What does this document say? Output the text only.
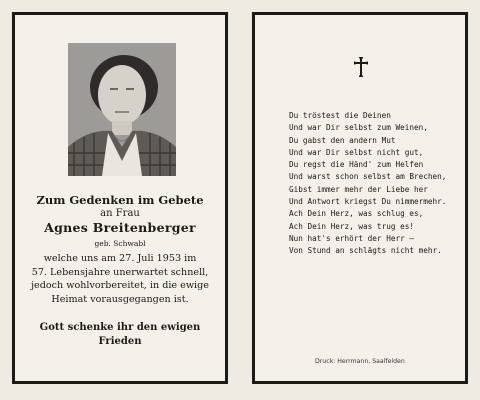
Zum Gedenken im Gebete
an Frau
Agnes Breitenberger
geb. Schwabl
welche uns am 27. Juli 1953 im
57. Lebensjahre unerwartet schnell,
jedoch wohlvorbereitet, in die ewige
Heimat vorausgegangen ist.
Gott schenke ihr den ewigen
Frieden
Du tröstest die Deinen
Und war Dir selbst zum Weinen,
Du gabst den andern Mut
Und war Dir selbst nicht gut,
Du regst die Händ' zum Helfen
Und warst schon selbst am Brechen,
Gibst immer mehr der Liebe her
Und Antwort kriegst Du nimmermehr.
Ach Dein Herz, was schlug es,
Ach Dein Herz, was trug es!
Nun hat's erhört der Herr —
Von Stund an schlägts nicht mehr.
Druck: Herrmann, Saalfelden
